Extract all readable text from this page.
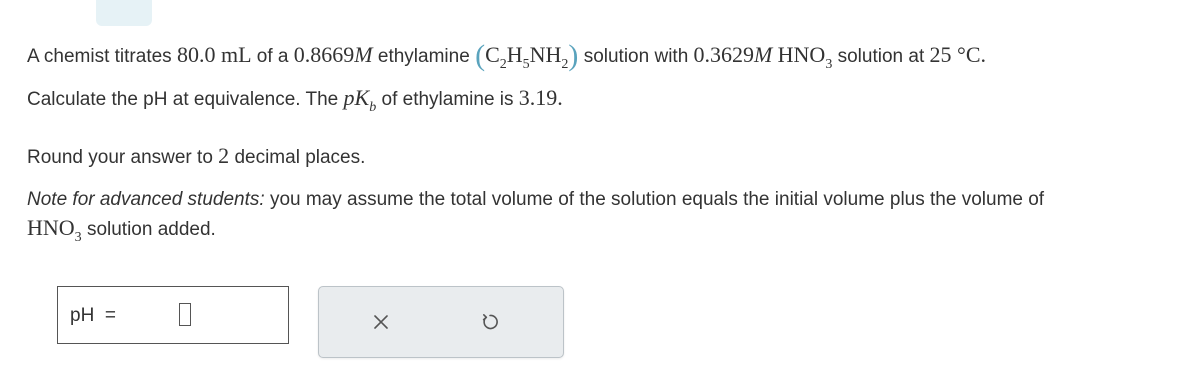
A chemist titrates 80.0 mL of a 0.8669M ethylamine $(C_2H_5NH_2)$ solution with 0.3629M $HNO_3$ solution at 25 °C.
Calculate the pH at equivalence. The $pK_b$ of ethylamine is 3.19.
Round your answer to 2 decimal places.
Note for advanced students: you may assume the total volume of the solution equals the initial volume plus the volume of
$HNO_3$ solution added.
pH =
